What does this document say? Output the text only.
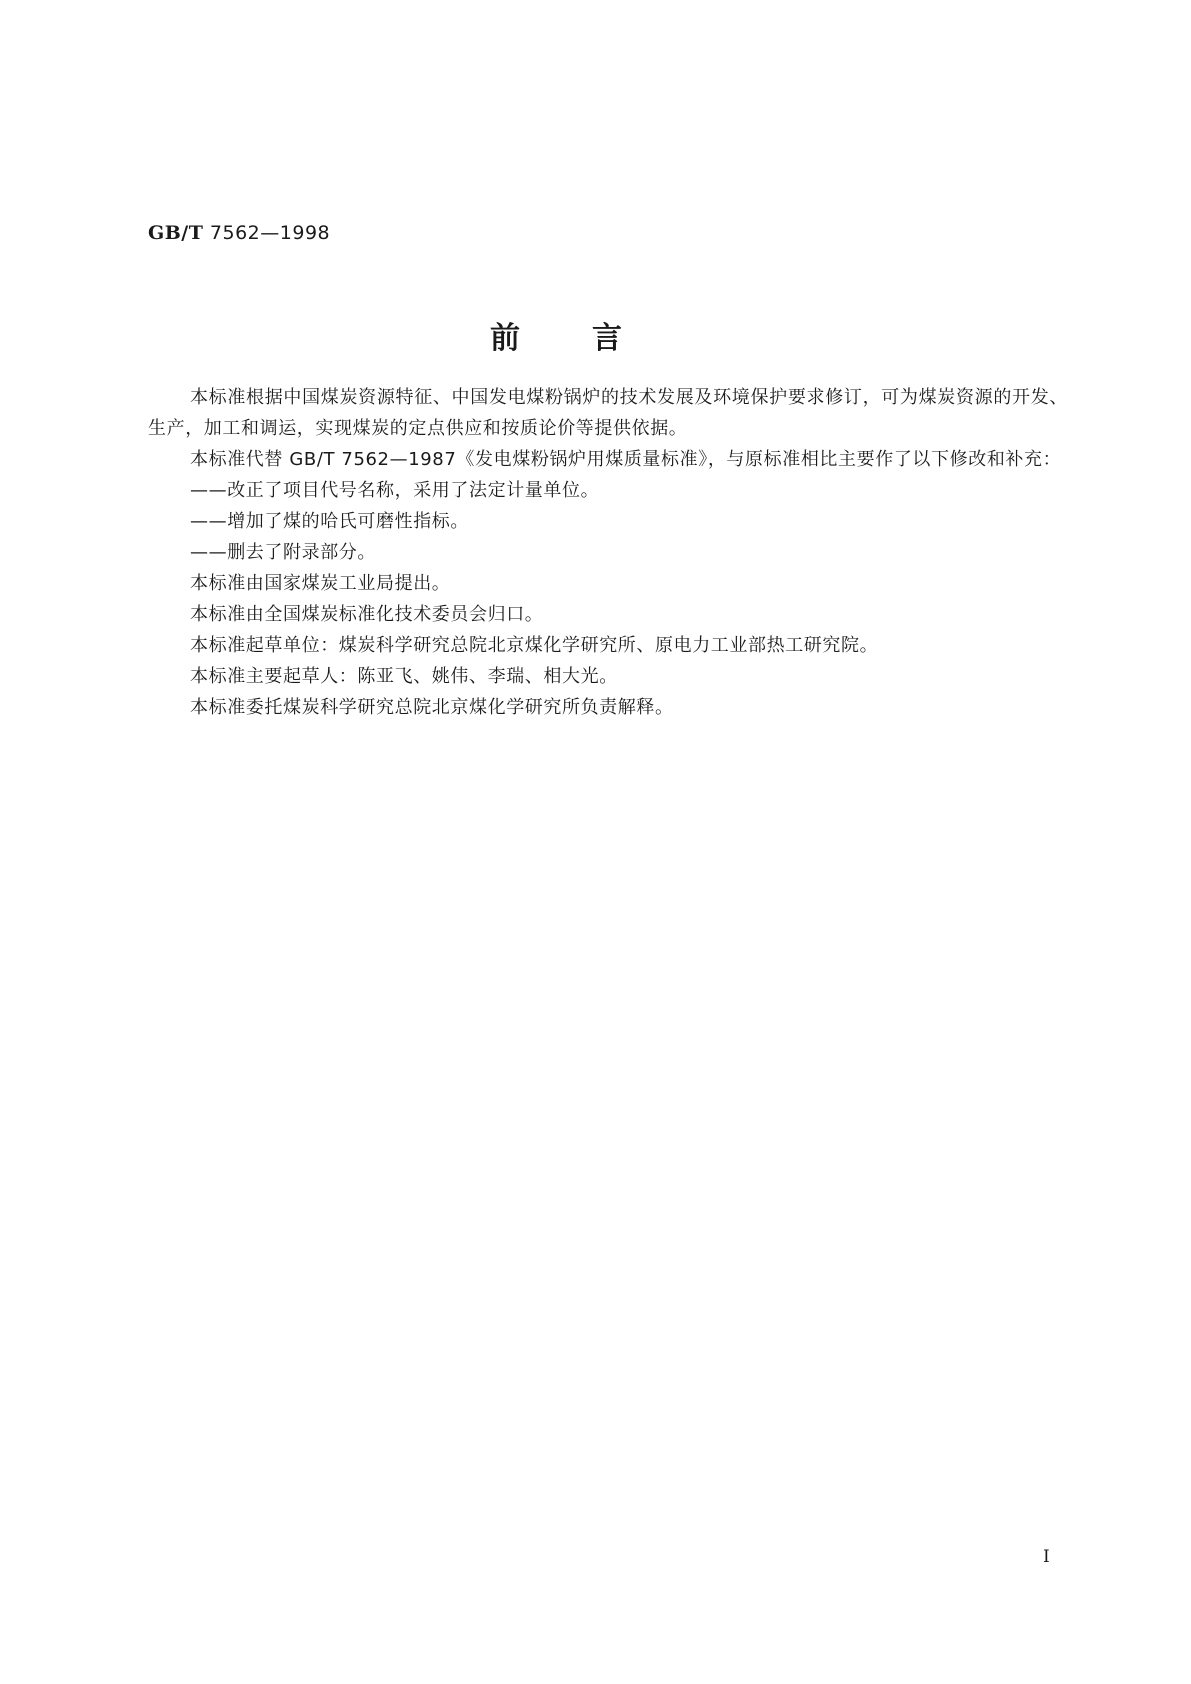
GB/T 7562—1998
前 言

本标准根据中国煤炭资源特征、中国发电煤粉锅炉的技术发展及环境保护要求修订，可为煤炭资源的开发、生产，加工和调运，实现煤炭的定点供应和按质论价等提供依据。

本标准代替 GB/T 7562—1987《发电煤粉锅炉用煤质量标准》，与原标准相比主要作了以下修改和补充：

——改正了项目代号名称，采用了法定计量单位。

——增加了煤的哈氏可磨性指标。

——删去了附录部分。

本标准由国家煤炭工业局提出。

本标准由全国煤炭标准化技术委员会归口。

本标准起草单位：煤炭科学研究总院北京煤化学研究所、原电力工业部热工研究院。

本标准主要起草人：陈亚飞、姚伟、李瑞、相大光。

本标准委托煤炭科学研究总院北京煤化学研究所负责解释。

I
